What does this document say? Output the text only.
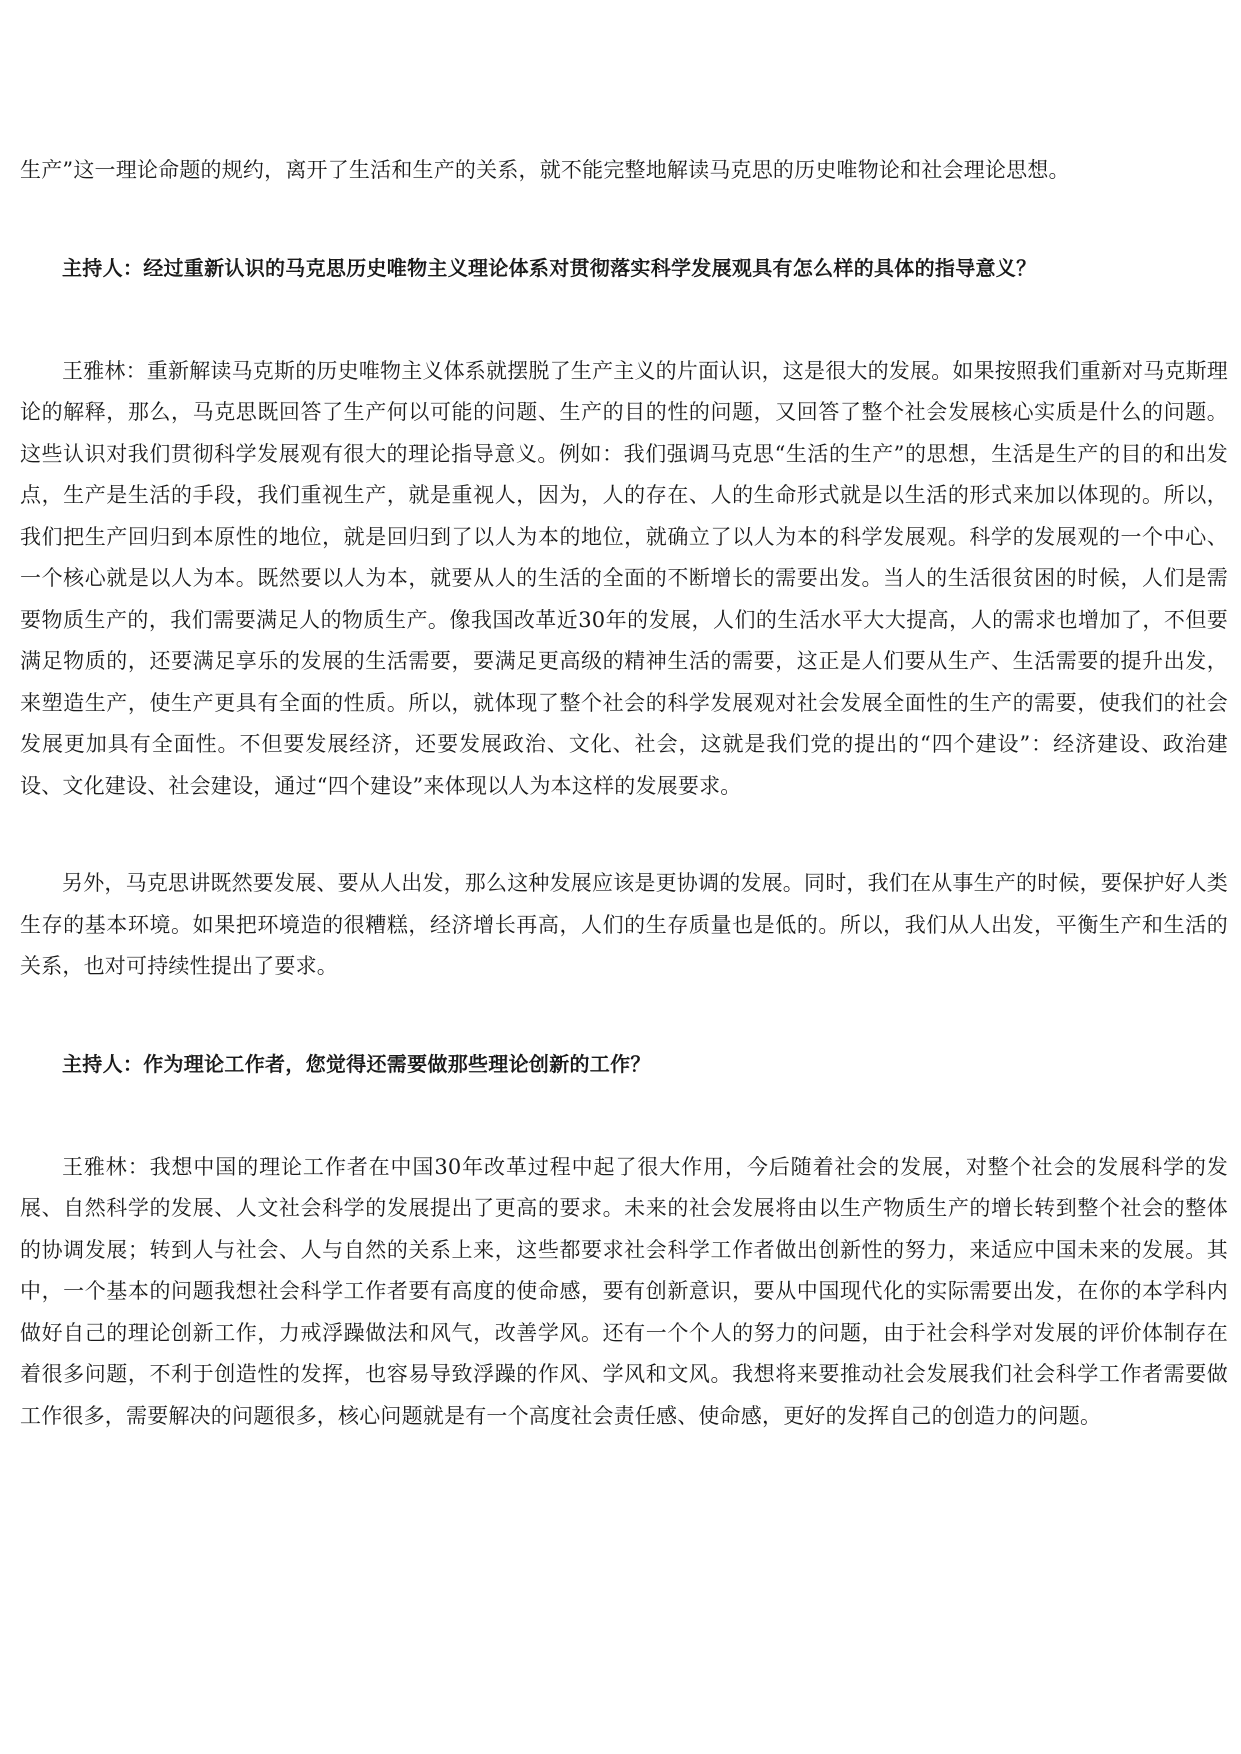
生产”这一理论命题的规约，离开了生活和生产的关系，就不能完整地解读马克思的历史唯物论和社会理论思想。

主持人：经过重新认识的马克思历史唯物主义理论体系对贯彻落实科学发展观具有怎么样的具体的指导意义？

王雅林：重新解读马克斯的历史唯物主义体系就摆脱了生产主义的片面认识，这是很大的发展。如果按照我们重新对马克斯理论的解释，那么，马克思既回答了生产何以可能的问题、生产的目的性的问题，又回答了整个社会发展核心实质是什么的问题。这些认识对我们贯彻科学发展观有很大的理论指导意义。例如：我们强调马克思“生活的生产”的思想，生活是生产的目的和出发点，生产是生活的手段，我们重视生产，就是重视人，因为，人的存在、人的生命形式就是以生活的形式来加以体现的。所以，我们把生产回归到本原性的地位，就是回归到了以人为本的地位，就确立了以人为本的科学发展观。科学的发展观的一个中心、一个核心就是以人为本。既然要以人为本，就要从人的生活的全面的不断增长的需要出发。当人的生活很贫困的时候，人们是需要物质生产的，我们需要满足人的物质生产。像我国改革近30年的发展，人们的生活水平大大提高，人的需求也增加了，不但要满足物质的，还要满足享乐的发展的生活需要，要满足更高级的精神生活的需要，这正是人们要从生产、生活需要的提升出发，来塑造生产，使生产更具有全面的性质。所以，就体现了整个社会的科学发展观对社会发展全面性的生产的需要，使我们的社会发展更加具有全面性。不但要发展经济，还要发展政治、文化、社会，这就是我们党的提出的“四个建设”：经济建设、政治建设、文化建设、社会建设，通过“四个建设”来体现以人为本这样的发展要求。

另外，马克思讲既然要发展、要从人出发，那么这种发展应该是更协调的发展。同时，我们在从事生产的时候，要保护好人类生存的基本环境。如果把环境造的很糟糕，经济增长再高，人们的生存质量也是低的。所以，我们从人出发，平衡生产和生活的关系，也对可持续性提出了要求。

主持人：作为理论工作者，您觉得还需要做那些理论创新的工作？

王雅林：我想中国的理论工作者在中国30年改革过程中起了很大作用，今后随着社会的发展，对整个社会的发展科学的发展、自然科学的发展、人文社会科学的发展提出了更高的要求。未来的社会发展将由以生产物质生产的增长转到整个社会的整体的协调发展；转到人与社会、人与自然的关系上来，这些都要求社会科学工作者做出创新性的努力，来适应中国未来的发展。其中，一个基本的问题我想社会科学工作者要有高度的使命感，要有创新意识，要从中国现代化的实际需要出发，在你的本学科内做好自己的理论创新工作，力戒浮躁做法和风气，改善学风。还有一个个人的努力的问题，由于社会科学对发展的评价体制存在着很多问题，不利于创造性的发挥，也容易导致浮躁的作风、学风和文风。我想将来要推动社会发展我们社会科学工作者需要做工作很多，需要解决的问题很多，核心问题就是有一个高度社会责任感、使命感，更好的发挥自己的创造力的问题。
